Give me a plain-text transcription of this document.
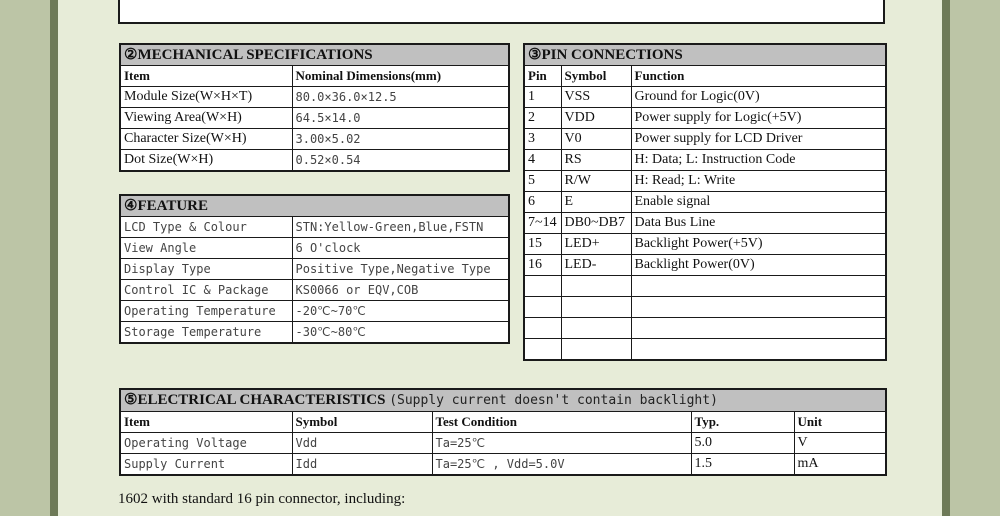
②MECHANICAL SPECIFICATIONS	
Item	Nominal Dimensions(mm)
Module Size(W×H×T)	80.0×36.0×12.5
Viewing Area(W×H)	64.5×14.0
Character Size(W×H)	3.00×5.02
Dot Size(W×H)	0.52×0.54
④FEATURE	
LCD Type & Colour	STN:Yellow-Green,Blue,FSTN
View Angle	6 O'clock
Display Type	Positive Type,Negative Type
Control IC & Package	KS0066 or EQV,COB
Operating Temperature	-20℃~70℃
Storage Temperature	-30℃~80℃
③PIN CONNECTIONS		
Pin	Symbol	Function
1	VSS	Ground for Logic(0V)
2	VDD	Power supply for Logic(+5V)
3	V0	Power supply for LCD Driver
4	RS	H: Data; L: Instruction Code
5	R/W	H: Read; L: Write
6	E	Enable signal
7~14	DB0~DB7	Data Bus Line
15	LED+	Backlight Power(+5V)
16	LED-	Backlight Power(0V)

⑤ELECTRICAL CHARACTERISTICS (Supply current doesn't contain backlight)				
Item	Symbol	Test Condition	Typ.	Unit
Operating Voltage	Vdd	Ta=25℃	5.0	V
Supply Current	Idd	Ta=25℃ , Vdd=5.0V	1.5	mA
1602 with standard 16 pin connector, including:
